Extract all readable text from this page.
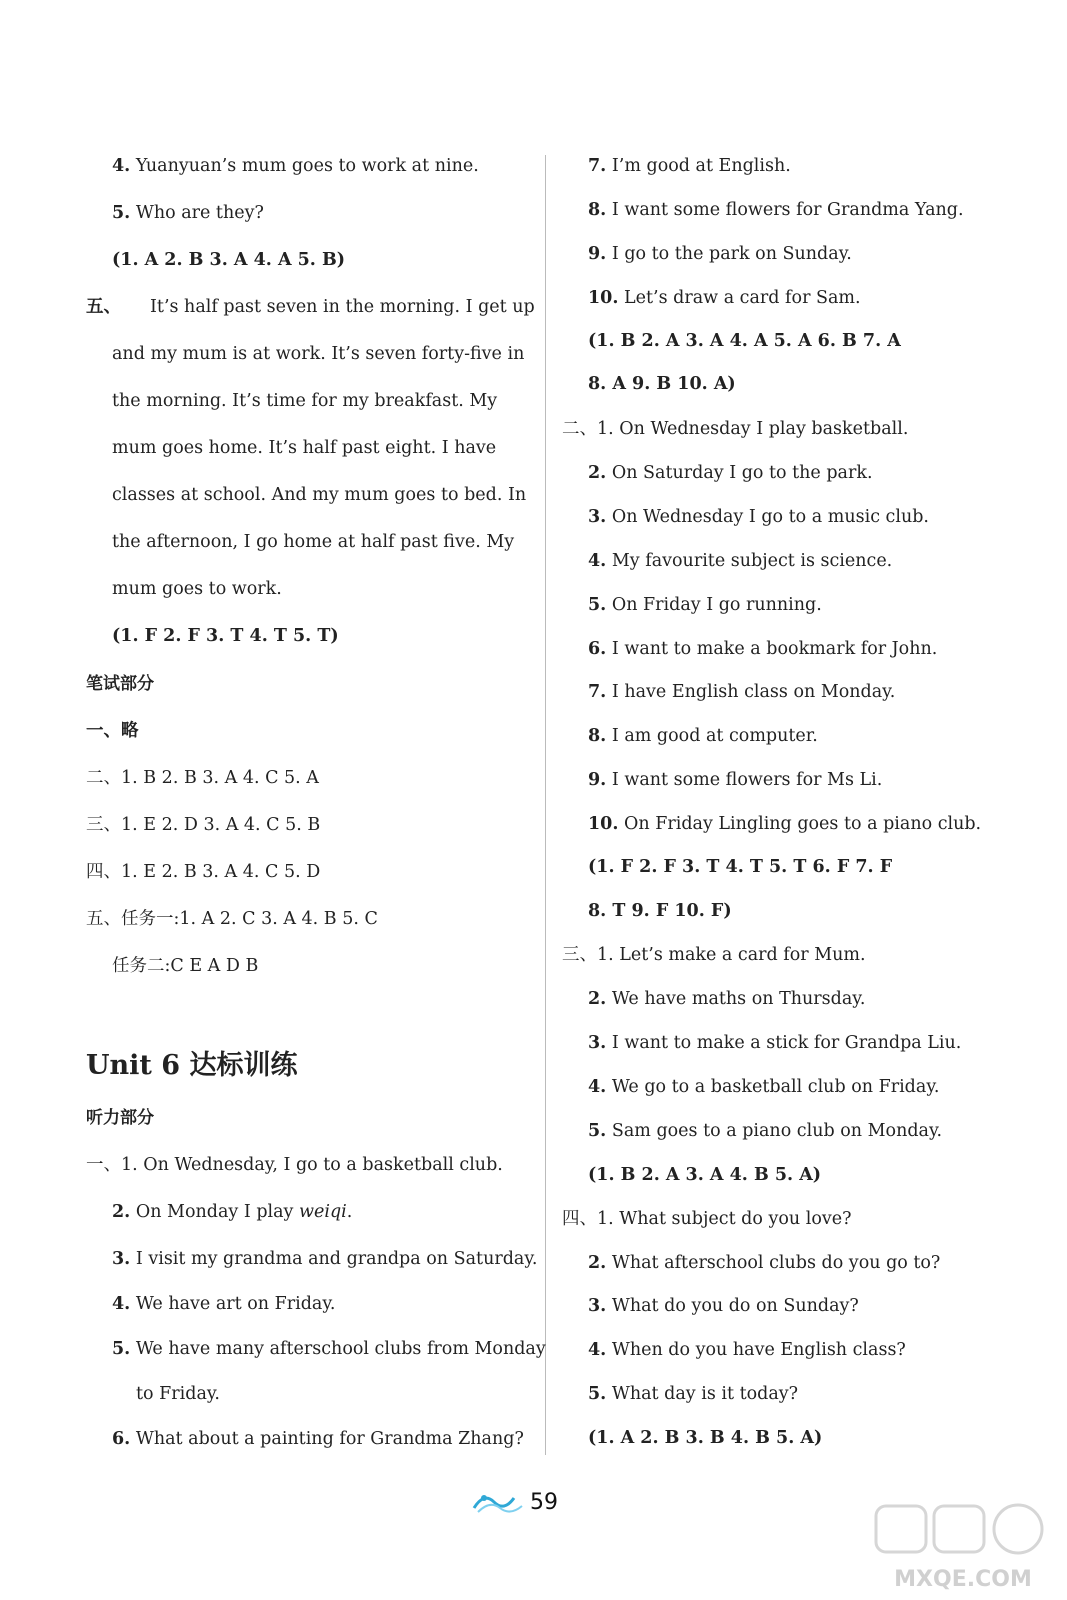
4. Yuanyuan’s mum goes to work at nine.
5. Who are they?
(1. A 2. B 3. A 4. A 5. B)
五、 It’s half past seven in the morning. I get up
and my mum is at work. It’s seven forty-five in
the morning. It’s time for my breakfast. My
mum goes home. It’s half past eight. I have
classes at school. And my mum goes to bed. In
the afternoon, I go home at half past five. My
mum goes to work.
(1. F 2. F 3. T 4. T 5. T)
笔试部分
一、略
二、1. B 2. B 3. A 4. C 5. A
三、1. E 2. D 3. A 4. C 5. B
四、1. E 2. B 3. A 4. C 5. D
五、任务一:1. A 2. C 3. A 4. B 5. C
任务二:C E A D B
Unit 6 达标训练
听力部分
一、1. On Wednesday, I go to a basketball club.
2. On Monday I play weiqi.
3. I visit my grandma and grandpa on Saturday.
4. We have art on Friday.
5. We have many afterschool clubs from Monday
to Friday.
6. What about a painting for Grandma Zhang?
7. I’m good at English.
8. I want some flowers for Grandma Yang.
9. I go to the park on Sunday.
10. Let’s draw a card for Sam.
(1. B 2. A 3. A 4. A 5. A 6. B 7. A
8. A 9. B 10. A)
二、1. On Wednesday I play basketball.
2. On Saturday I go to the park.
3. On Wednesday I go to a music club.
4. My favourite subject is science.
5. On Friday I go running.
6. I want to make a bookmark for John.
7. I have English class on Monday.
8. I am good at computer.
9. I want some flowers for Ms Li.
10. On Friday Lingling goes to a piano club.
(1. F 2. F 3. T 4. T 5. T 6. F 7. F
8. T 9. F 10. F)
三、1. Let’s make a card for Mum.
2. We have maths on Thursday.
3. I want to make a stick for Grandpa Liu.
4. We go to a basketball club on Friday.
5. Sam goes to a piano club on Monday.
(1. B 2. A 3. A 4. B 5. A)
四、1. What subject do you love?
2. What afterschool clubs do you go to?
3. What do you do on Sunday?
4. When do you have English class?
5. What day is it today?
(1. A 2. B 3. B 4. B 5. A)
59
MXQE.COM
